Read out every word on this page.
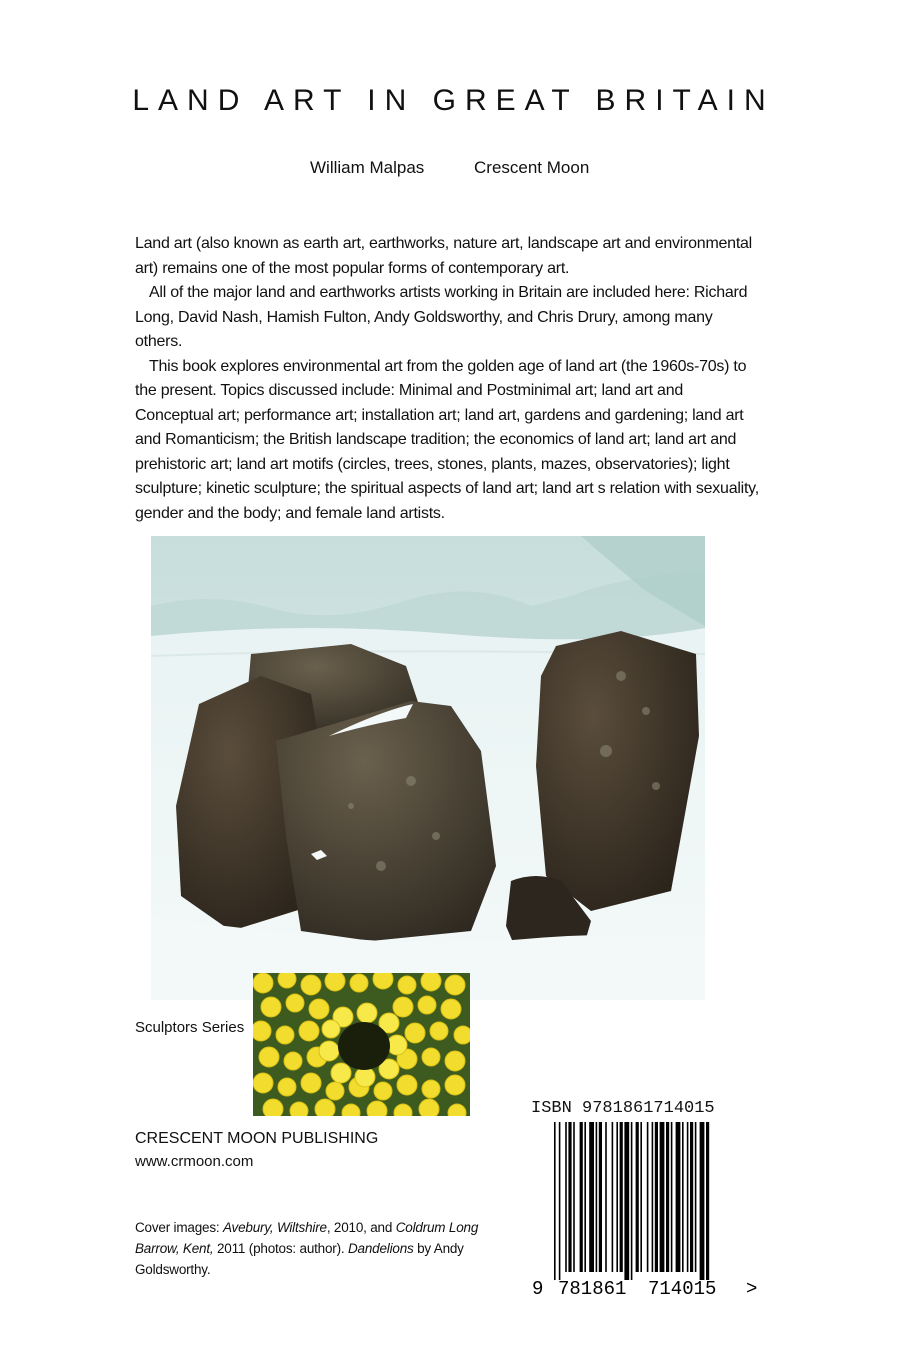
LAND ART IN GREAT BRITAIN
William Malpas	Crescent Moon

Land art (also known as earth art, earthworks, nature art, landscape art and environmental art) remains one of the most popular forms of contemporary art.

All of the major land and earthworks artists working in Britain are included here: Richard Long, David Nash, Hamish Fulton, Andy Goldsworthy, and Chris Drury, among many others.

This book explores environmental art from the golden age of land art (the 1960s-70s) to the present. Topics discussed include: Minimal and Postminimal art; land art and Conceptual art; performance art; installation art; land art, gardens and gardening; land art and Romanticism; the British landscape tradition; the economics of land art; land art and prehistoric art; land art motifs (circles, trees, stones, plants, mazes, observatories); light sculpture; kinetic sculpture; the spiritual aspects of land art; land art s relation with sexuality, gender and the body; and female land artists.

Sculptors Series
CRESCENT MOON PUBLISHING
www.crmoon.com
Cover images: Avebury, Wiltshire, 2010, and Coldrum Long Barrow, Kent, 2011 (photos: author). Dandelions by Andy Goldsworthy.
ISBN 9781861714015
9 781861 714015 >
